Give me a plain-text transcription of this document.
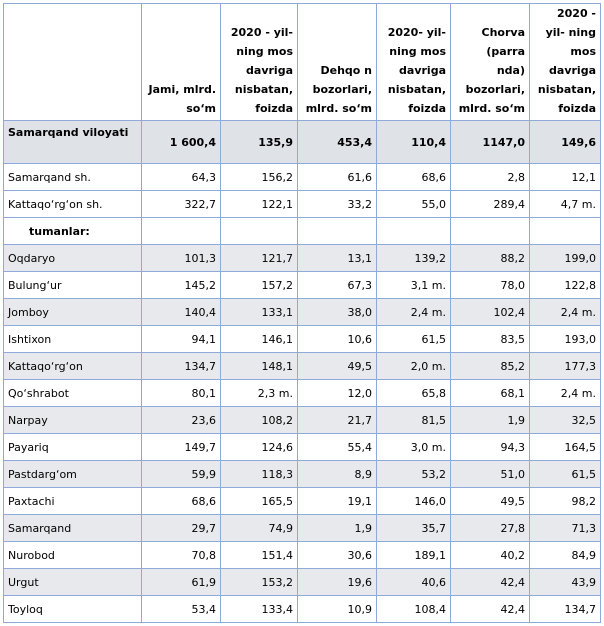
	Jami, mlrd. so‘m	2020 - yil- ning mos davriga nisbatan, foizda	Dehqo n bozorlari, mlrd. so‘m	2020- yil- ning mos davriga nisbatan, foizda	Chorva (parra nda) bozorlari, mlrd. so‘m	2020 - yil- ning mos davriga nisbatan, foizda

Samarqand viloyati	1 600,4	135,9	453,4	110,4	1147,0	149,6
Samarqand sh.	64,3	156,2	61,6	68,6	2,8	12,1
Kattaqo‘rg‘on sh.	322,7	122,1	33,2	55,0	289,4	4,7 m.
tumanlar:						
Oqdaryo	101,3	121,7	13,1	139,2	88,2	199,0
Bulung‘ur	145,2	157,2	67,3	3,1 m.	78,0	122,8
Jomboy	140,4	133,1	38,0	2,4 m.	102,4	2,4 m.
Ishtixon	94,1	146,1	10,6	61,5	83,5	193,0
Kattaqo‘rg‘on	134,7	148,1	49,5	2,0 m.	85,2	177,3
Qo‘shrabot	80,1	2,3 m.	12,0	65,8	68,1	2,4 m.
Narpay	23,6	108,2	21,7	81,5	1,9	32,5
Payariq	149,7	124,6	55,4	3,0 m.	94,3	164,5
Pastdarg‘om	59,9	118,3	8,9	53,2	51,0	61,5
Paxtachi	68,6	165,5	19,1	146,0	49,5	98,2
Samarqand	29,7	74,9	1,9	35,7	27,8	71,3
Nurobod	70,8	151,4	30,6	189,1	40,2	84,9
Urgut	61,9	153,2	19,6	40,6	42,4	43,9
Toyloq	53,4	133,4	10,9	108,4	42,4	134,7
